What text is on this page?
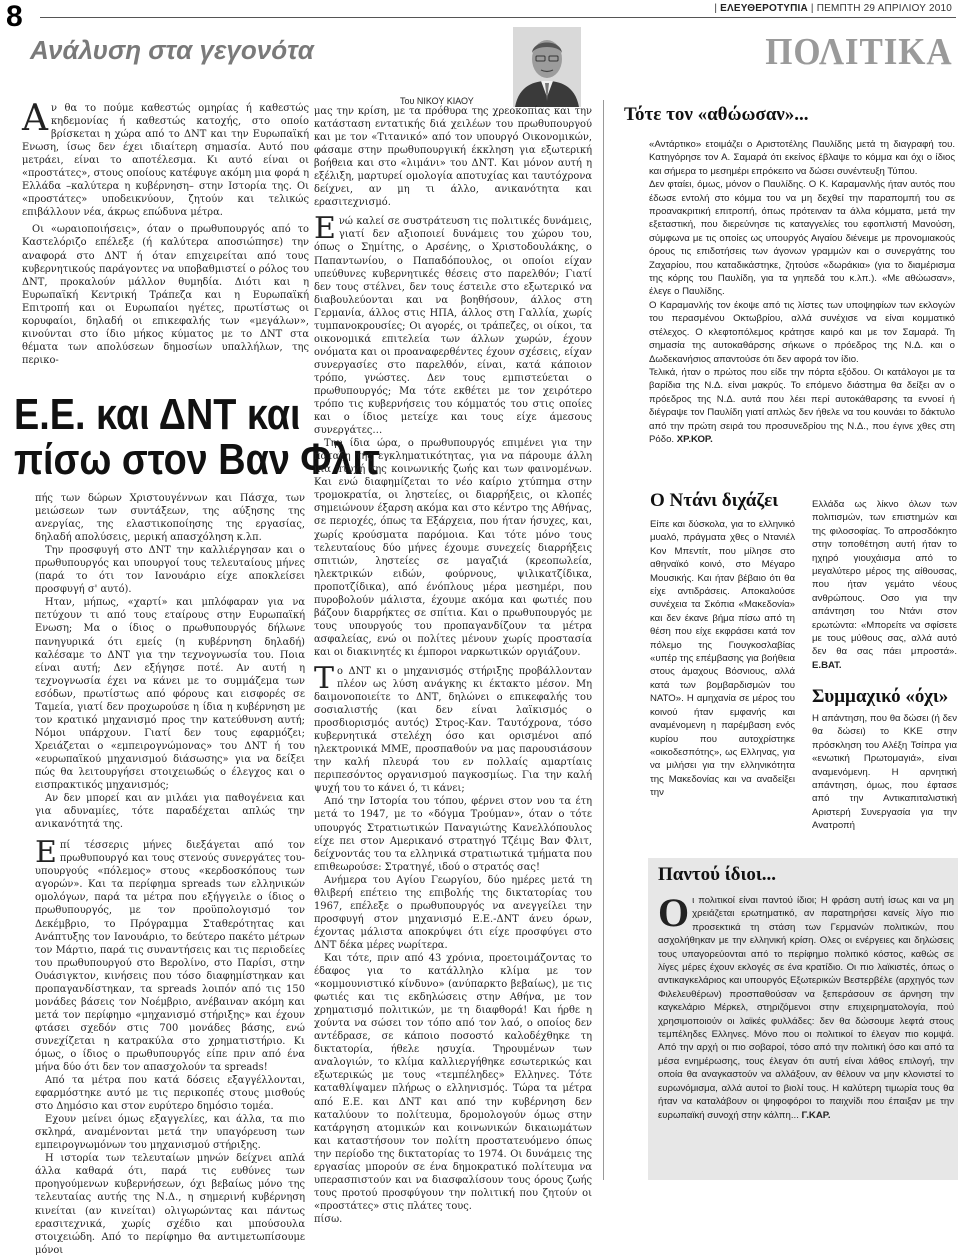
8	| ΕΛΕΥΘΕΡΟΤΥΠΙΑ | ΠΕΜΠΤΗ 29 ΑΠΡΙΛΙΟΥ 2010
Ανάλυση στα γεγονότα	ΠΟΛΙΤΙΚΑ
Του ΝΙΚΟΥ ΚΙΑΟΥ

Αν θα το πούμε καθεστώς ομηρίας ή καθεστώς κηδεμονίας ή καθεστώς κατοχής, στο οποίο βρίσκεται η χώρα από το ΔΝΤ και την Ευρωπαϊκή Ενωση, ίσως δεν έχει ιδιαίτερη σημασία. Αυτό που μετράει, είναι το αποτέλεσμα. Κι αυτό είναι οι «προστάτες», στους οποίους κατέφυγε ακόμη μια φορά η Ελλάδα –καλύτερα η κυβέρνηση– στην Ιστορία της. Οι «προστάτες» υποδεικνύουν, ζητούν και τελικώς επιβάλλουν νέα, άκρως επώδυνα μέτρα.

Οι «ωραιοποιήσεις», όταν ο πρωθυπουργός από το Καστελόριζο επέλεξε (ή καλύτερα αποσιώπησε) την αναφορά στο ΔΝΤ ή όταν επιχειρείται από τους κυβερνητικούς παράγοντες να υποβαθμιστεί ο ρόλος του ΔΝΤ, προκαλούν μάλλον θυμηδία. Διότι και η Ευρωπαϊκή Κεντρική Τράπεζα και η Ευρωπαϊκή Επιτροπή και οι Ευρωπαίοι ηγέτες, πρωτίστως οι κορυφαίοι, δηλαδή οι επικεφαλής των «μεγάλων», κινούνται στο ίδιο μήκος κύματος με το ΔΝΤ στα θέματα των απολύσεων δημοσίων υπαλλήλων, της περικο-

Ε.Ε. και ΔΝΤ και
πίσω στον Βαν Φλιτ

πής των δώρων Χριστουγέννων και Πάσχα, των μειώσεων των συντάξεων, της αύξησης της ανεργίας, της ελαστικοποίησης της εργασίας, δηλαδή απολύσεις, μερική απασχόληση κ.λπ.

Την προσφυγή στο ΔΝΤ την καλλιέργησαν και ο πρωθυπουργός και υπουργοί τους τελευταίους μήνες (παρά το ότι τον Ιανουάριο είχε αποκλείσει προσφυγή σ' αυτό).

Ηταν, μήπως, «χαρτί» και μπλόφαραν για να πετύχουν τι από τους εταίρους στην Ευρωπαϊκή Ενωση; Μα ο ίδιος ο πρωθυπουργός δήλωνε πανηγυρικά ότι εμείς (η κυβέρνηση δηλαδή) καλέσαμε το ΔΝΤ για την τεχνογνωσία του. Ποια είναι αυτή; Δεν εξήγησε ποτέ. Αν αυτή η τεχνογνωσία έχει να κάνει με το συμμάζεμα των εσόδων, πρωτίστως από φόρους και εισφορές σε Ταμεία, γιατί δεν προχωρούσε η ίδια η κυβέρνηση με τον κρατικό μηχανισμό προς την κατεύθυνση αυτή; Νόμοι υπάρχουν. Γιατί δεν τους εφαρμόζει; Χρειάζεται ο «εμπειρογνώμονας» του ΔΝΤ ή του «ευρωπαϊκού μηχανισμού διάσωσης» για να δείξει πώς θα λειτουργήσει στοιχειωδώς ο έλεγχος και ο εισπρακτικός μηχανισμός;

Αν δεν μπορεί και αν μιλάει για παθογένεια και για αδυναμίες, τότε παραδέχεται απλώς την ανικανότητά της.

Επί τέσσερις μήνες διεξάγεται από τον πρωθυπουργό και τους στενούς συνεργάτες του-υπουργούς «πόλεμος» στους «κερδοσκόπους των αγορών». Και τα περίφημα spreads των ελληνικών ομολόγων, παρά τα μέτρα που εξήγγειλε ο ίδιος ο πρωθυπουργός, με τον προϋπολογισμό τον Δεκέμβριο, το Πρόγραμμα Σταθερότητας και Ανάπτυξης τον Ιανουάριο, το δεύτερο πακέτο μέτρων τον Μάρτιο, παρά τις συναντήσεις και τις περιοδείες του πρωθυπουργού στο Βερολίνο, στο Παρίσι, στην Ουάσιγκτον, κινήσεις που τόσο διαφημίστηκαν και προπαγανδίστηκαν, τα spreads λοιπόν από τις 150 μονάδες βάσεις τον Νοέμβριο, ανέβαιναν ακόμη και μετά τον περίφημο «μηχανισμό στήριξης» και έχουν φτάσει σχεδόν στις 700 μονάδες βάσης, ενώ συνεχίζεται η κατρακύλα στο χρηματιστήριο. Κι όμως, ο ίδιος ο πρωθυπουργός είπε πριν από ένα μήνα δύο ότι δεν τον απασχολούν τα spreads!

Από τα μέτρα που κατά δόσεις εξαγγέλλονται, εφαρμόστηκε αυτό με τις περικοπές στους μισθούς στο Δημόσιο και στον ευρύτερο δημόσιο τομέα.

Εχουν μείνει όμως εξαγγελίες, και άλλα, τα πιο σκληρά, αναμένονται μετά την υπαγόρευση των εμπειρογνωμόνων του μηχανισμού στήριξης.

Η ιστορία των τελευταίων μηνών δείχνει απλά άλλα καθαρά ότι, παρά τις ευθύνες των προηγούμενων κυβερνήσεων, όχι βεβαίως μόνο της τελευταίας αυτής της Ν.Δ., η σημερινή κυβέρνηση κινείται (αν κινείται) ολιγωρώντας και πάντως ερασιτεχνικά, χωρίς σχέδιο και μπούσουλα στοιχειώδη. Από το περίφημο θα αντιμετωπίσουμε μόνοι

μας την κρίση, με τα πρόθυρα της χρεοκοπίας και την κατάσταση εντατικής διά χειλέων του πρωθυπουργού και με τον «Τιτανικό» από τον υπουργό Οικονομικών, φάσαμε στην πρωθυπουργική έκκληση για εξωτερική βοήθεια και στο «λιμάνι» του ΔΝΤ. Και μόνον αυτή η εξέλιξη, μαρτυρεί ομολογία αποτυχίας και ταυτόχρονα δείχνει, αν μη τι άλλο, ανικανότητα και ερασιτεχνισμό.

Ενώ καλεί σε συστράτευση τις πολιτικές δυνάμεις, γιατί δεν αξιοποιεί δυνάμεις του χώρου του, όπως ο Σημίτης, ο Αρσένης, ο Χριστοδουλάκης, ο Παπαντωνίου, ο Παπαδόπουλος, οι οποίοι είχαν υπεύθυνες κυβερνητικές θέσεις στο παρελθόν; Γιατί δεν τους στέλνει, δεν τους έστειλε στο εξωτερικό να διαβουλεύονται και να βοηθήσουν, άλλος στη Γερμανία, άλλος στις ΗΠΑ, άλλος στη Γαλλία, χωρίς τυμπανοκρουσίες; Οι αγορές, οι τράπεζες, οι οίκοι, τα οικονομικά επιτελεία των άλλων χωρών, έχουν ονόματα και οι προαναφερθέντες έχουν σχέσεις, είχαν συνεργασίες στο παρελθόν, είναι, κατά κάποιον τρόπο, γνώστες. Δεν τους εμπιστεύεται ο πρωθυπουργός; Μα τότε εκθέτει με τον χειρότερο τρόπο τις κυβερνήσεις του κόμματός του στις οποίες και ο ίδιος μετείχε και τους είχε άμεσους συνεργάτες…

Την ίδια ώρα, ο πρωθυπουργός επιμένει για την πάταξη της εγκληματικότητας, για να πάρουμε άλλη μια πτυχή της κοινωνικής ζωής και των φαινομένων. Και ενώ διαφημίζεται το νέο καίριο χτύπημα στην τρομοκρατία, οι ληστείες, οι διαρρήξεις, οι κλοπές σημειώνουν έξαρση ακόμα και στο κέντρο της Αθήνας, σε περιοχές, όπως τα Εξάρχεια, που ήταν ήσυχες, και, χωρίς κρούσματα παρόμοια. Και τότε μόνο τους τελευταίους δύο μήνες έχουμε συνεχείς διαρρήξεις σπιτιών, ληστείες σε μαγαζιά (κρεοπωλεία, ηλεκτρικών ειδών, φούρνους, ψιλικατζίδικα, προποτζίδικα), από ένόπλους μέρα μεσημέρι, που πυροβολούν μάλιστα, έχουμε ακόμα και φωτιές που βάζουν διαρρήκτες σε σπίτια. Και ο πρωθυπουργός με τους υπουργούς του προπαγανδίζουν τα μέτρα ασφαλείας, ενώ οι πολίτες μένουν χωρίς προστασία και οι διακινητές κι έμποροι ναρκωτικών οργιάζουν.

Το ΔΝΤ κι ο μηχανισμός στήριξης προβάλλονταν πλέον ως λύση ανάγκης κι έκτακτο μέσον. Μη δαιμονοποιείτε το ΔΝΤ, δηλώνει ο επικεφαλής του σοσιαλιστής (και δεν είναι λαϊκισμός ο προσδιορισμός αυτός) Στρος-Καν. Ταυτόχρονα, τόσο κυβερνητικά στελέχη όσο και ορισμένοι από ηλεκτρονικά ΜΜΕ, προσπαθούν να μας παρουσιάσουν την καλή πλευρά του εν πολλαίς αμαρτίαις περιπεσόντος οργανισμού παγκοσμίως. Για την καλή ψυχή του το κάνει ό, τι κάνει;

Από την Ιστορία του τόπου, φέρνει στον νου τα έτη μετά το 1947, με το «δόγμα Τρούμαν», όταν ο τότε υπουργός Στρατιωτικών Παναγιώτης Κανελλόπουλος είχε πει στον Αμερικανό στρατηγό Τζέιμς Βαν Φλιτ, δείχνοντάς του τα ελληνικά στρατιωτικά τμήματα που επιθεωρούσε: Στρατηγέ, ιδού ο στρατός σας!

Ανήμερα του Αγίου Γεωργίου, δύο ημέρες μετά τη θλιβερή επέτειο της επιβολής της δικτατορίας του 1967, επέλεξε ο πρωθυπουργός να ανεγγείλει την προσφυγή στον μηχανισμό Ε.Ε.-ΔΝΤ άνευ όρων, έχοντας μάλιστα αποκρύψει ότι είχε προσφύγει στο ΔΝΤ δέκα μέρες νωρίτερα.

Και τότε, πριν από 43 χρόνια, προετοιμάζοντας το έδαφος για το κατάλληλο κλίμα με τον «κομμουνιστικό κίνδυνο» (ανύπαρκτο βεβαίως), με τις φωτιές και τις εκδηλώσεις στην Αθήνα, με τον χρηματισμό πολιτικών, με τη διαφθορά! Και ήρθε η χούντα να σώσει τον τόπο από τον λαό, ο οποίος δεν αντέδρασε, σε κάποιο ποσοστό καλοδέχθηκε τη δικτατορία, ήθελε ησυχία. Τηρουμένων των αναλογιών, το κλίμα καλλιεργήθηκε εσωτερικώς και εξωτερικώς με τους «τεμπέληδες» Ελληνες. Τότε καταθλίψαμεν πλήρως ο ελληνισμός. Τώρα τα μέτρα από Ε.Ε. και ΔΝΤ και από την κυβέρνηση δεν καταλύουν το πολίτευμα, δρομολογούν όμως στην κατάργηση ατομικών και κοινωνικών δικαιωμάτων και καταστήσουν τον πολίτη προστατευόμενο όπως την περίοδο της δικτατορίας το 1974. Οι δυνάμεις της εργασίας μπορούν σε ένα δημοκρατικό πολίτευμα να υπερασπιστούν και να διασφαλίσουν τους όρους ζωής τους προτού προσφύγουν την πολιτική που ζητούν οι «προστάτες» στις πλάτες τους.

πίσω.

Τότε τον «αθώωσαν»...

«Αντάρτικο» ετοιμάζει ο Αριστοτέλης Παυλίδης μετά τη διαγραφή του. Κατηγόρησε τον Α. Σαμαρά ότι εκείνος έβλαψε το κόμμα και όχι ο ίδιος και σήμερα το μεσημέρι επρόκειτο να δώσει συνέντευξη Τύπου.

Δεν φταίει, όμως, μόνον ο Παυλίδης. Ο Κ. Καραμανλής ήταν αυτός που έδωσε εντολή στο κόμμα του να μη δεχθεί την παραπομπή του σε προανακριτική επιτροπή, όπως πρότειναν τα άλλα κόμματα, μετά την εξεταστική, που διερεύνησε τις καταγγελίες του εφοπλιστή Μανούση, σύμφωνα με τις οποίες ως υπουργός Αιγαίου διένειμε με προνομιακούς όρους τις επιδοτήσεις των άγονων γραμμών και ο συνεργάτης του Ζαχαρίου, που καταδικάστηκε, ζητούσε «δωράκια» (για το διαμέρισμα της κόρης του Παυλίδη, για τα γηπεδά του κ.λπ.). «Με αθώωσαν», έλεγε ο Παυλίδης.

Ο Καραμανλής τον έκοψε από τις λίστες των υποψηφίων των εκλογών του περασμένου Οκτωβρίου, αλλά συνέχισε να είναι κομματικό στέλεχος. Ο κλεφτοπόλεμος κράτησε καιρό και με τον Σαμαρά. Τη σημασία της αυτοκαθάρσης σήκωνε ο πρόεδρος της Ν.Δ. και ο Δωδεκανήσιος απαντούσε ότι δεν αφορά τον ίδιο.

Τελικά, ήταν ο πρώτος που είδε την πόρτα εξόδου. Οι κατάλογοι με τα βαρίδια της Ν.Δ. είναι μακρύς. Το επόμενο διάστημα θα δείξει αν ο πρόεδρος της Ν.Δ. αυτά που λέει περί αυτοκάθαρσης τα εννοεί ή διέγραψε τον Παυλίδη γιατί απλώς δεν ήθελε να του κουνάει το δάκτυλο από την πρώτη σειρά του προσυνεδρίου της Ν.Δ., που έγινε χθες στη Ρόδο. ΧΡ.ΚΟΡ.

Ο Ντάνι διχάζει

Είπε και δύσκολα, για το ελληνικό μυαλό, πράγματα χθες ο Ντανιέλ Κον Μπεντίτ, που μίλησε στο αθηναϊκό κοινό, στο Μέγαρο Μουσικής. Και ήταν βέβαιο ότι θα είχε αντιδράσεις. Αποκαλούσε συνέχεια τα Σκόπια «Μακεδονία» και δεν έκανε βήμα πίσω από τη θέση που είχε εκφράσει κατά τον πόλεμο της Γιουγκοσλαβίας «υπέρ της επέμβασης για βοήθεια στους άμαχους Βόσνιους, αλλά κατά των βομβαρδισμών του ΝΑΤΟ». Η αμηχανία σε μέρος του κοινού ήταν εμφανής και αναμένομενη η παρέμβαση ενός κυρίου που αυτοχρίστηκε «οικοδεσπότης», ως Ελληνας, για να μιλήσει για την ελληνικότητα της Μακεδονίας και να αναδείξει την

Ελλάδα ως λίκνο όλων των πολιτισμών, των επιστημών και της φιλοσοφίας. Το απροσδόκητο στην τοποθέτηση αυτή ήταν το ηχηρό γιουχάισμα από το μεγαλύτερο μέρος της αίθουσας, που ήταν γεμάτο νέους ανθρώπους. Οσο για την απάντηση του Ντάνι στον ερωτώντα: «Μπορείτε να σφίσετε με τους μύθους σας, αλλά αυτό δεν θα σας πάει μπροστά». Ε.ΒΑΤ.

Συμμαχικό «όχι»

Η απάντηση, που θα δώσει (ή δεν θα δώσει) το ΚΚΕ στην πρόσκληση του Αλέξη Τσίπρα για «ενωτική Πρωτομαγιά», είναι αναμενόμενη. Η αρνητική απάντηση, όμως, που έφτασε από την Αντικαπιταλιστική Αριστερή Συνεργασία για την Ανατροπή

Παντού ίδιοι...

Οι πολιτικοί είναι παντού ίδιοι; Η φράση αυτή ίσως και να μη χρειάζεται ερωτηματικό, αν παρατηρήσει κανείς λίγο πιο προσεκτικά τη στάση των Γερμανών πολιτικών, που ασχολήθηκαν με την ελληνική κρίση. Ολες οι ενέργειες και δηλώσεις τους υπαγορεύονται από το περίφημο πολιτικό κόστος, καθώς σε λίγες μέρες έχουν εκλογές σε ένα κρατίδιο. Οι πιο λαϊκιστές, όπως ο αντικαγκελάριος και υπουργός Εξωτερικών Βεστερβέλε (αρχηγός των Φιλελευθέρων) προσπαθούσαν να ξεπεράσουν σε άρνηση την καγκελάριο Μέρκελ, στηριζόμενοι στην επιχειρηματολογία, πού χρησιμοποιούν οι λαϊκές φυλλάδες: δεν θα δώσουμε λεφτά στους τεμπέληδες Ελληνες. Μόνο που οι πολιτικοί το έλεγαν πιο κομψά. Από την αρχή οι πιο σοβαροί, τόσο από την πολιτική όσο και από τα μέσα ενημέρωσης, τους έλεγαν ότι αυτή είναι λάθος επιλογή, την οποία θα αναγκαστούν να αλλάξουν, αν θέλουν να μην κλονιστεί το ευρωνόμισμα, αλλά αυτοί το βιολί τους. Η καλύτερη τιμωρία τους θα ήταν να καταλάβουν οι ψηφοφόροι το παιχνίδι που έπαιξαν με την ευρωπαϊκή συνοχή στην κάλπη... Γ.ΚΑΡ.
